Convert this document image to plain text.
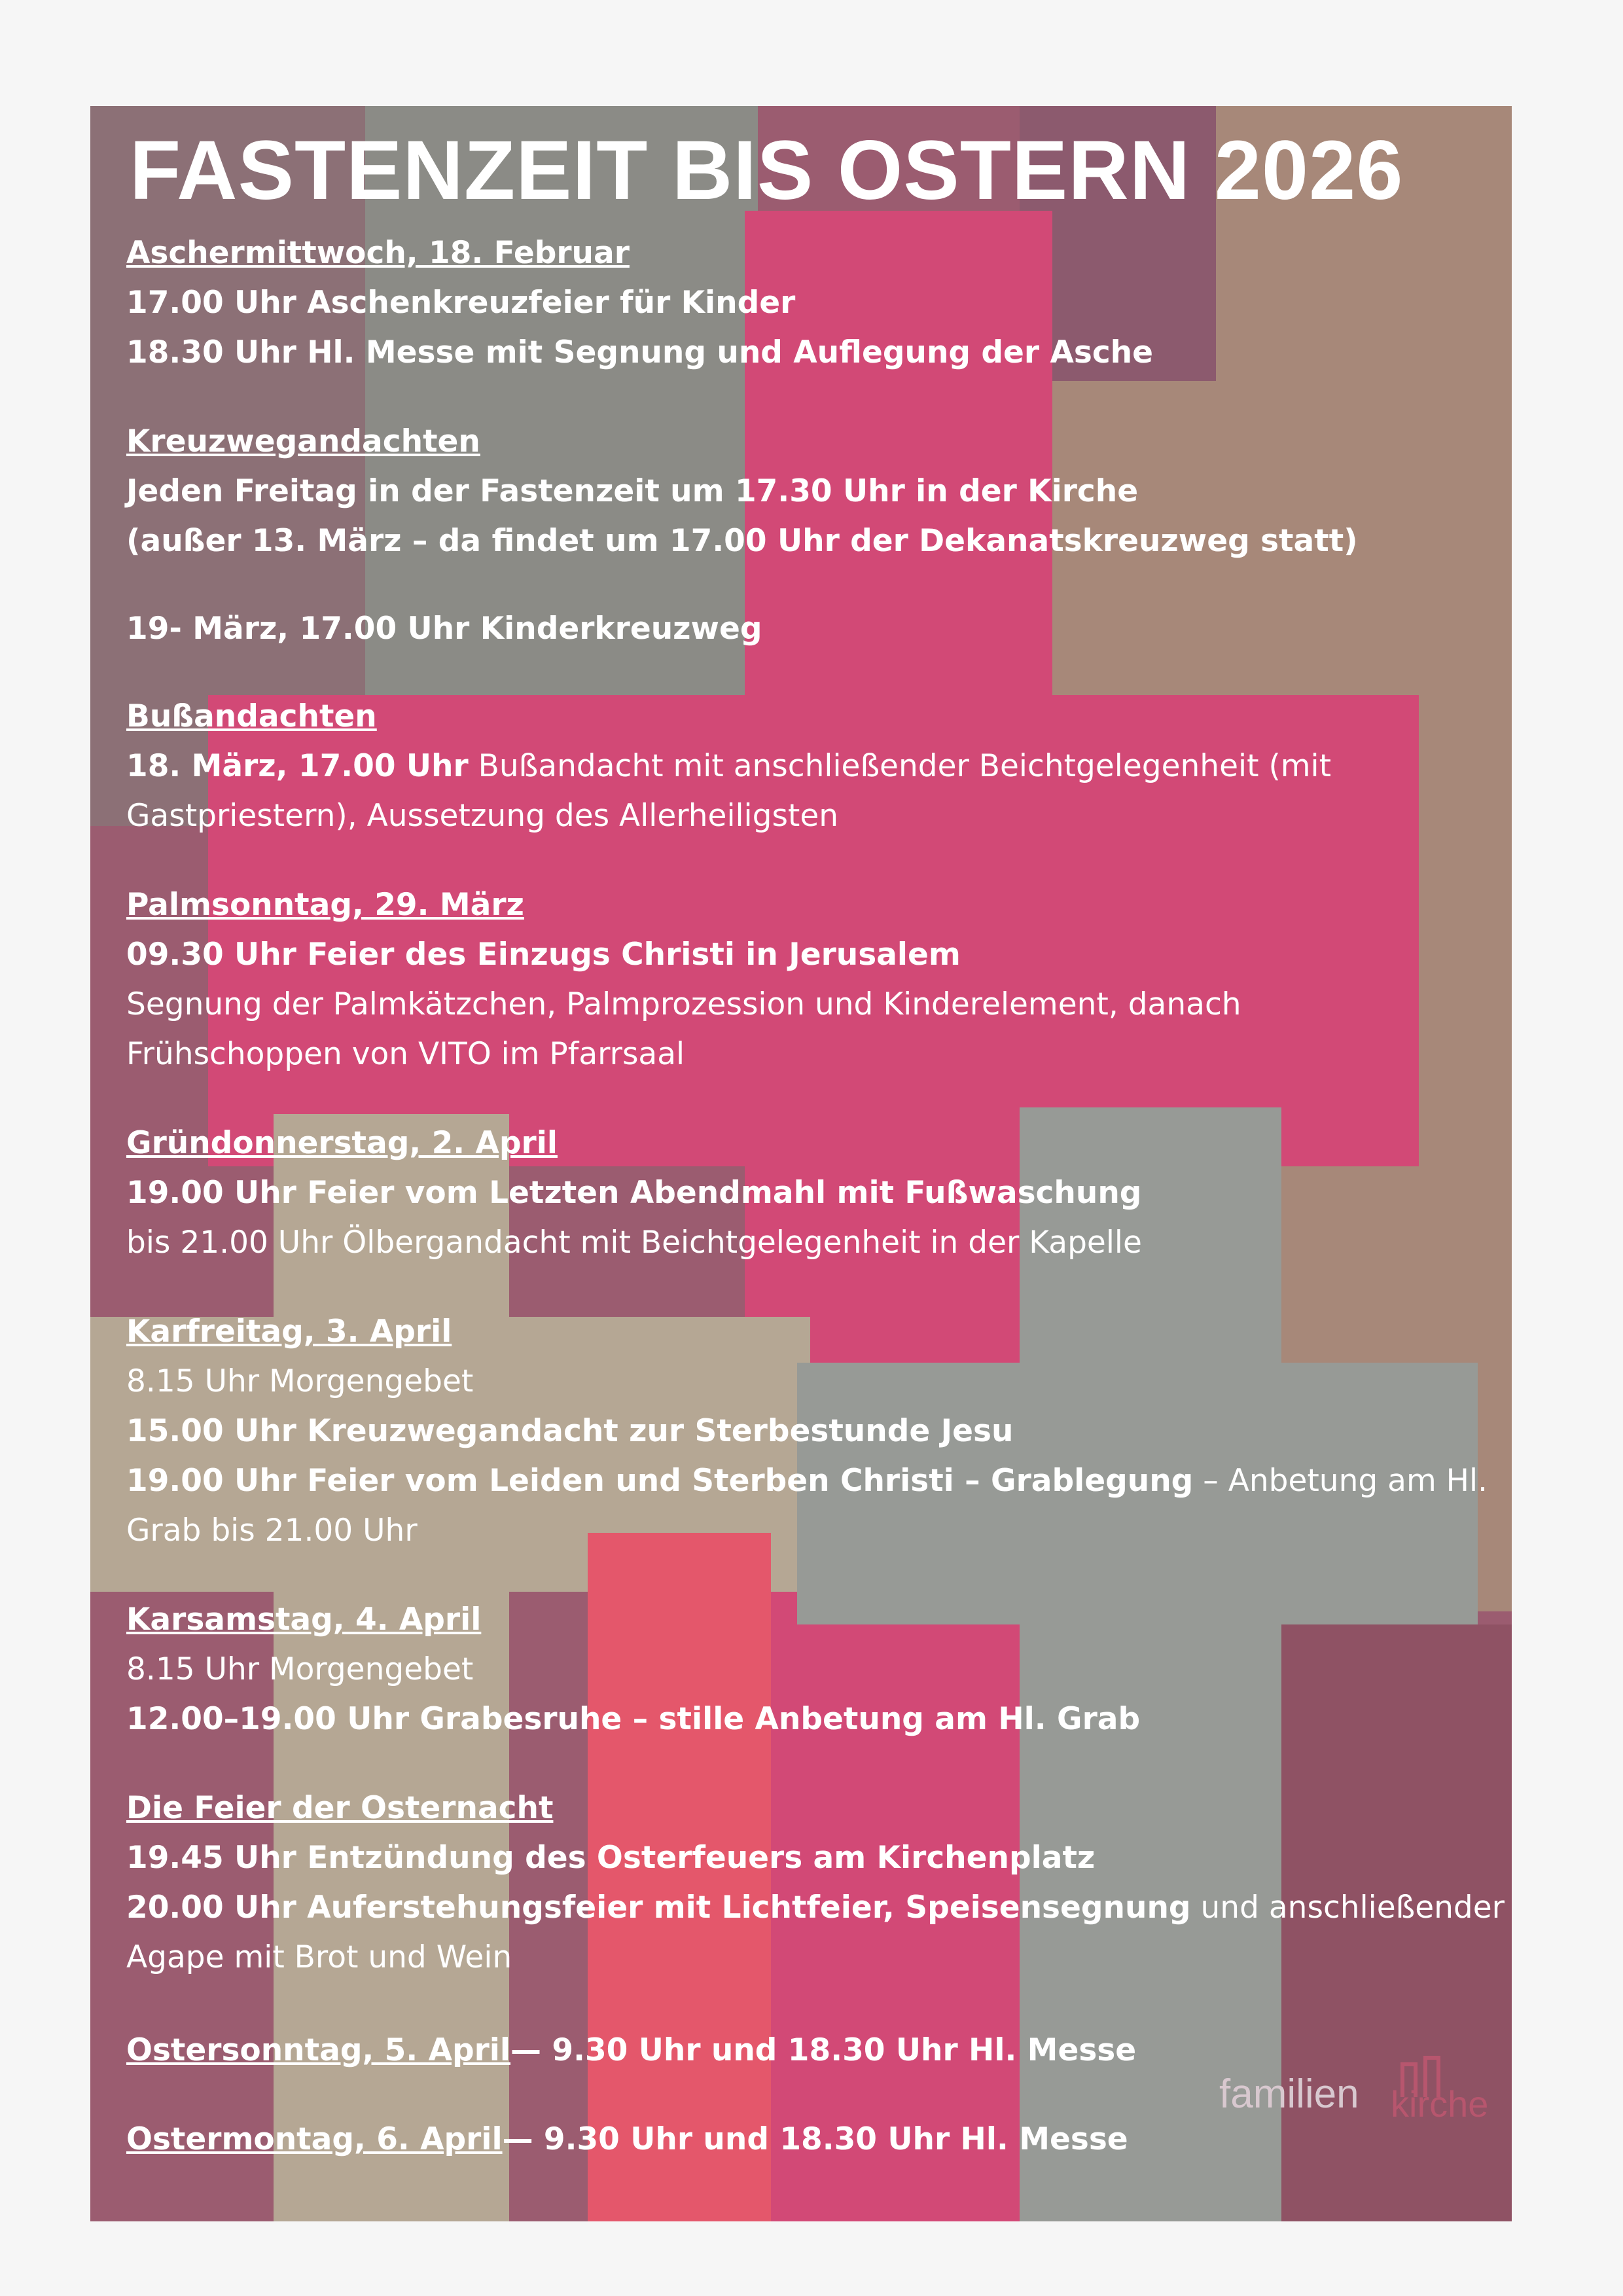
FASTENZEIT BIS OSTERN 2026
Aschermittwoch, 18. Februar
17.00 Uhr Aschenkreuzfeier für Kinder
18.30 Uhr Hl. Messe mit Segnung und Auflegung der Asche
Kreuzwegandachten
Jeden Freitag in der Fastenzeit um 17.30 Uhr in der Kirche
(außer 13. März – da findet um 17.00 Uhr der Dekanatskreuzweg statt)
19- März, 17.00 Uhr Kinderkreuzweg
Bußandachten
18. März, 17.00 Uhr Bußandacht mit anschließender Beichtgelegenheit (mit
Gastpriestern), Aussetzung des Allerheiligsten
Palmsonntag, 29. März
09.30 Uhr Feier des Einzugs Christi in Jerusalem
Segnung der Palmkätzchen, Palmprozession und Kinderelement, danach
Frühschoppen von VITO im Pfarrsaal
Gründonnerstag, 2. April
19.00 Uhr Feier vom Letzten Abendmahl mit Fußwaschung
bis 21.00 Uhr Ölbergandacht mit Beichtgelegenheit in der Kapelle
Karfreitag, 3. April
8.15 Uhr Morgengebet
15.00 Uhr Kreuzwegandacht zur Sterbestunde Jesu
19.00 Uhr Feier vom Leiden und Sterben Christi – Grablegung – Anbetung am Hl.
Grab bis 21.00 Uhr
Karsamstag, 4. April
8.15 Uhr Morgengebet
12.00–19.00 Uhr Grabesruhe – stille Anbetung am Hl. Grab
Die Feier der Osternacht
19.45 Uhr Entzündung des Osterfeuers am Kirchenplatz
20.00 Uhr Auferstehungsfeier mit Lichtfeier, Speisensegnung und anschließender
Agape mit Brot und Wein
Ostersonntag, 5. April— 9.30 Uhr und 18.30 Uhr Hl. Messe
Ostermontag, 6. April— 9.30 Uhr und 18.30 Uhr Hl. Messe
familien kirche
